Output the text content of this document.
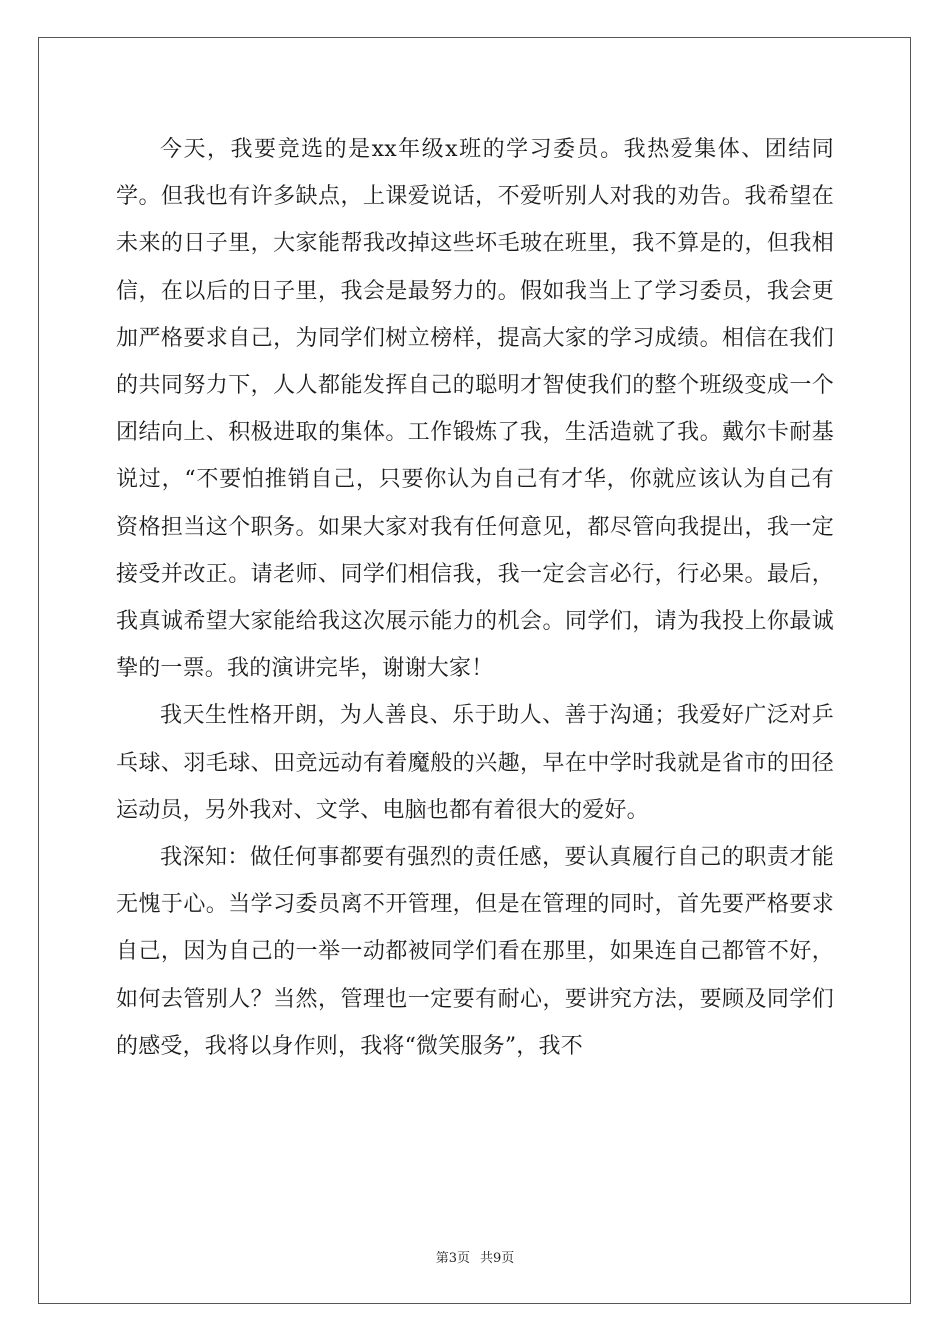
今天，我要竞选的是xx年级x班的学习委员。我热爱集体、团结同学。但我也有许多缺点，上课爱说话，不爱听别人对我的劝告。我希望在未来的日子里，大家能帮我改掉这些坏毛玻在班里，我不算是的，但我相信，在以后的日子里，我会是最努力的。假如我当上了学习委员，我会更加严格要求自己，为同学们树立榜样，提高大家的学习成绩。相信在我们的共同努力下，人人都能发挥自己的聪明才智使我们的整个班级变成一个团结向上、积极进取的集体。工作锻炼了我，生活造就了我。戴尔卡耐基说过，“不要怕推销自己，只要你认为自己有才华，你就应该认为自己有资格担当这个职务。如果大家对我有任何意见，都尽管向我提出，我一定接受并改正。请老师、同学们相信我，我一定会言必行，行必果。最后，我真诚希望大家能给我这次展示能力的机会。同学们，请为我投上你最诚挚的一票。我的演讲完毕，谢谢大家！

我天生性格开朗，为人善良、乐于助人、善于沟通；我爱好广泛对乒乓球、羽毛球、田竞远动有着魔般的兴趣，早在中学时我就是省市的田径运动员，另外我对、文学、电脑也都有着很大的爱好。

我深知：做任何事都要有强烈的责任感，要认真履行自己的职责才能无愧于心。当学习委员离不开管理，但是在管理的同时，首先要严格要求自己，因为自己的一举一动都被同学们看在那里，如果连自己都管不好，如何去管别人？当然，管理也一定要有耐心，要讲究方法，要顾及同学们的感受，我将以身作则，我将“微笑服务”，我不

第3页 共9页
